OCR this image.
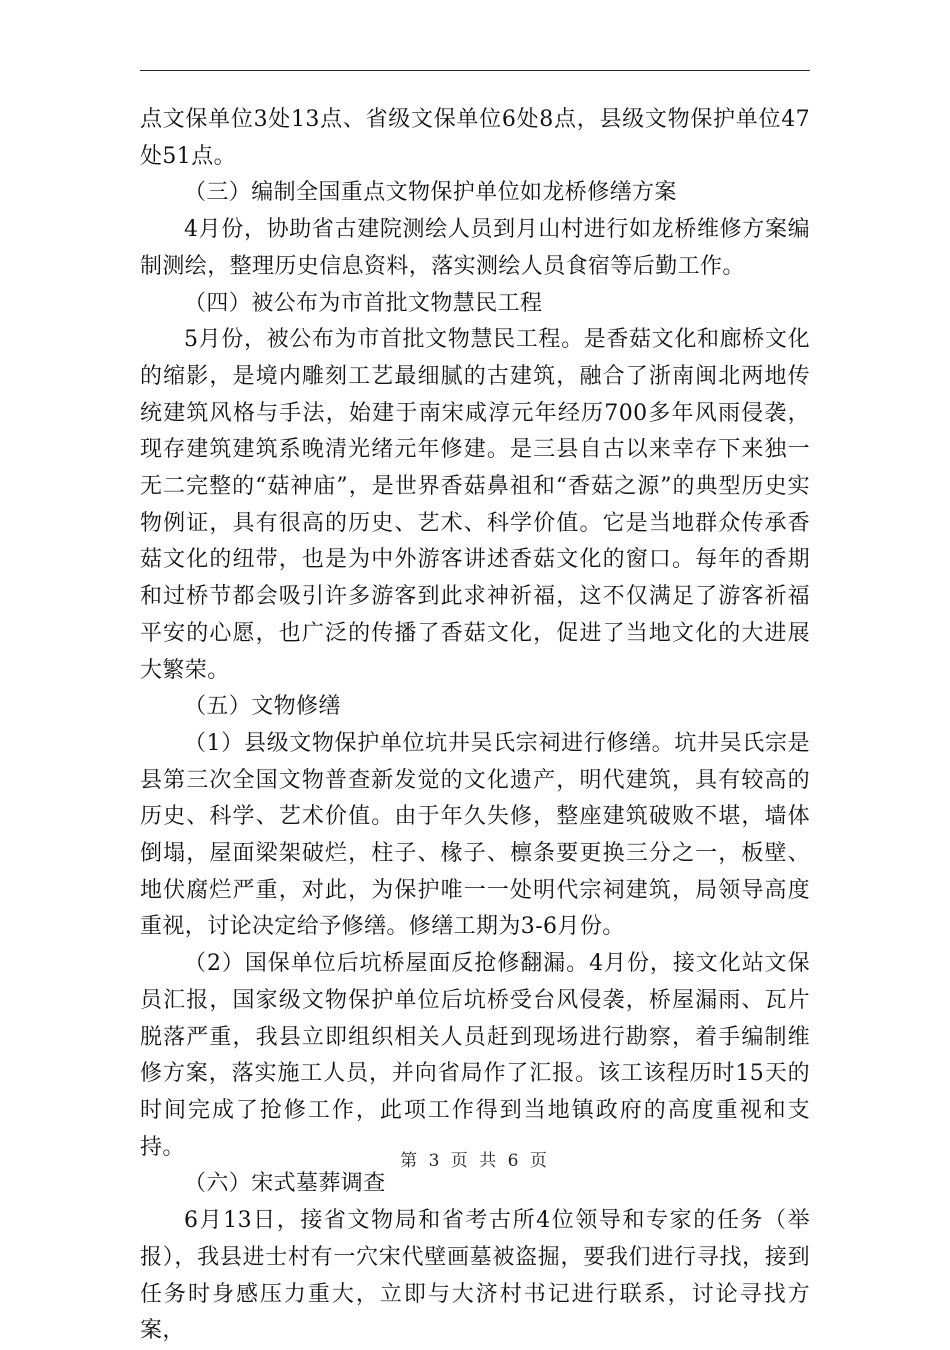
点文保单位3处13点、省级文保单位6处8点，县级文物保护单位47处51点。

（三）编制全国重点文物保护单位如龙桥修缮方案

4月份，协助省古建院测绘人员到月山村进行如龙桥维修方案编制测绘，整理历史信息资料，落实测绘人员食宿等后勤工作。

（四）被公布为市首批文物慧民工程

5月份，被公布为市首批文物慧民工程。是香菇文化和廊桥文化的缩影，是境内雕刻工艺最细腻的古建筑，融合了浙南闽北两地传统建筑风格与手法，始建于南宋咸淳元年经历700多年风雨侵袭，现存建筑建筑系晚清光绪元年修建。是三县自古以来幸存下来独一无二完整的“菇神庙”，是世界香菇鼻祖和“香菇之源”的典型历史实物例证，具有很高的历史、艺术、科学价值。它是当地群众传承香菇文化的纽带，也是为中外游客讲述香菇文化的窗口。每年的香期和过桥节都会吸引许多游客到此求神祈福，这不仅满足了游客祈福平安的心愿，也广泛的传播了香菇文化，促进了当地文化的大进展大繁荣。

（五）文物修缮

（1）县级文物保护单位坑井吴氏宗祠进行修缮。坑井吴氏宗是县第三次全国文物普查新发觉的文化遗产，明代建筑，具有较高的历史、科学、艺术价值。由于年久失修，整座建筑破败不堪，墙体倒塌，屋面梁架破烂，柱子、椽子、檩条要更换三分之一，板壁、地伏腐烂严重，对此，为保护唯一一处明代宗祠建筑，局领导高度重视，讨论决定给予修缮。修缮工期为3-6月份。

（2）国保单位后坑桥屋面反抢修翻漏。4月份，接文化站文保员汇报，国家级文物保护单位后坑桥受台风侵袭，桥屋漏雨、瓦片脱落严重，我县立即组织相关人员赶到现场进行勘察，着手编制维修方案，落实施工人员，并向省局作了汇报。该工该程历时15天的时间完成了抢修工作，此项工作得到当地镇政府的高度重视和支持。

（六）宋式墓葬调查

6月13日，接省文物局和省考古所4位领导和专家的任务（举报），我县进士村有一穴宋代壁画墓被盗掘，要我们进行寻找，接到任务时身感压力重大，立即与大济村书记进行联系，讨论寻找方案，

第 3 页 共 6 页
